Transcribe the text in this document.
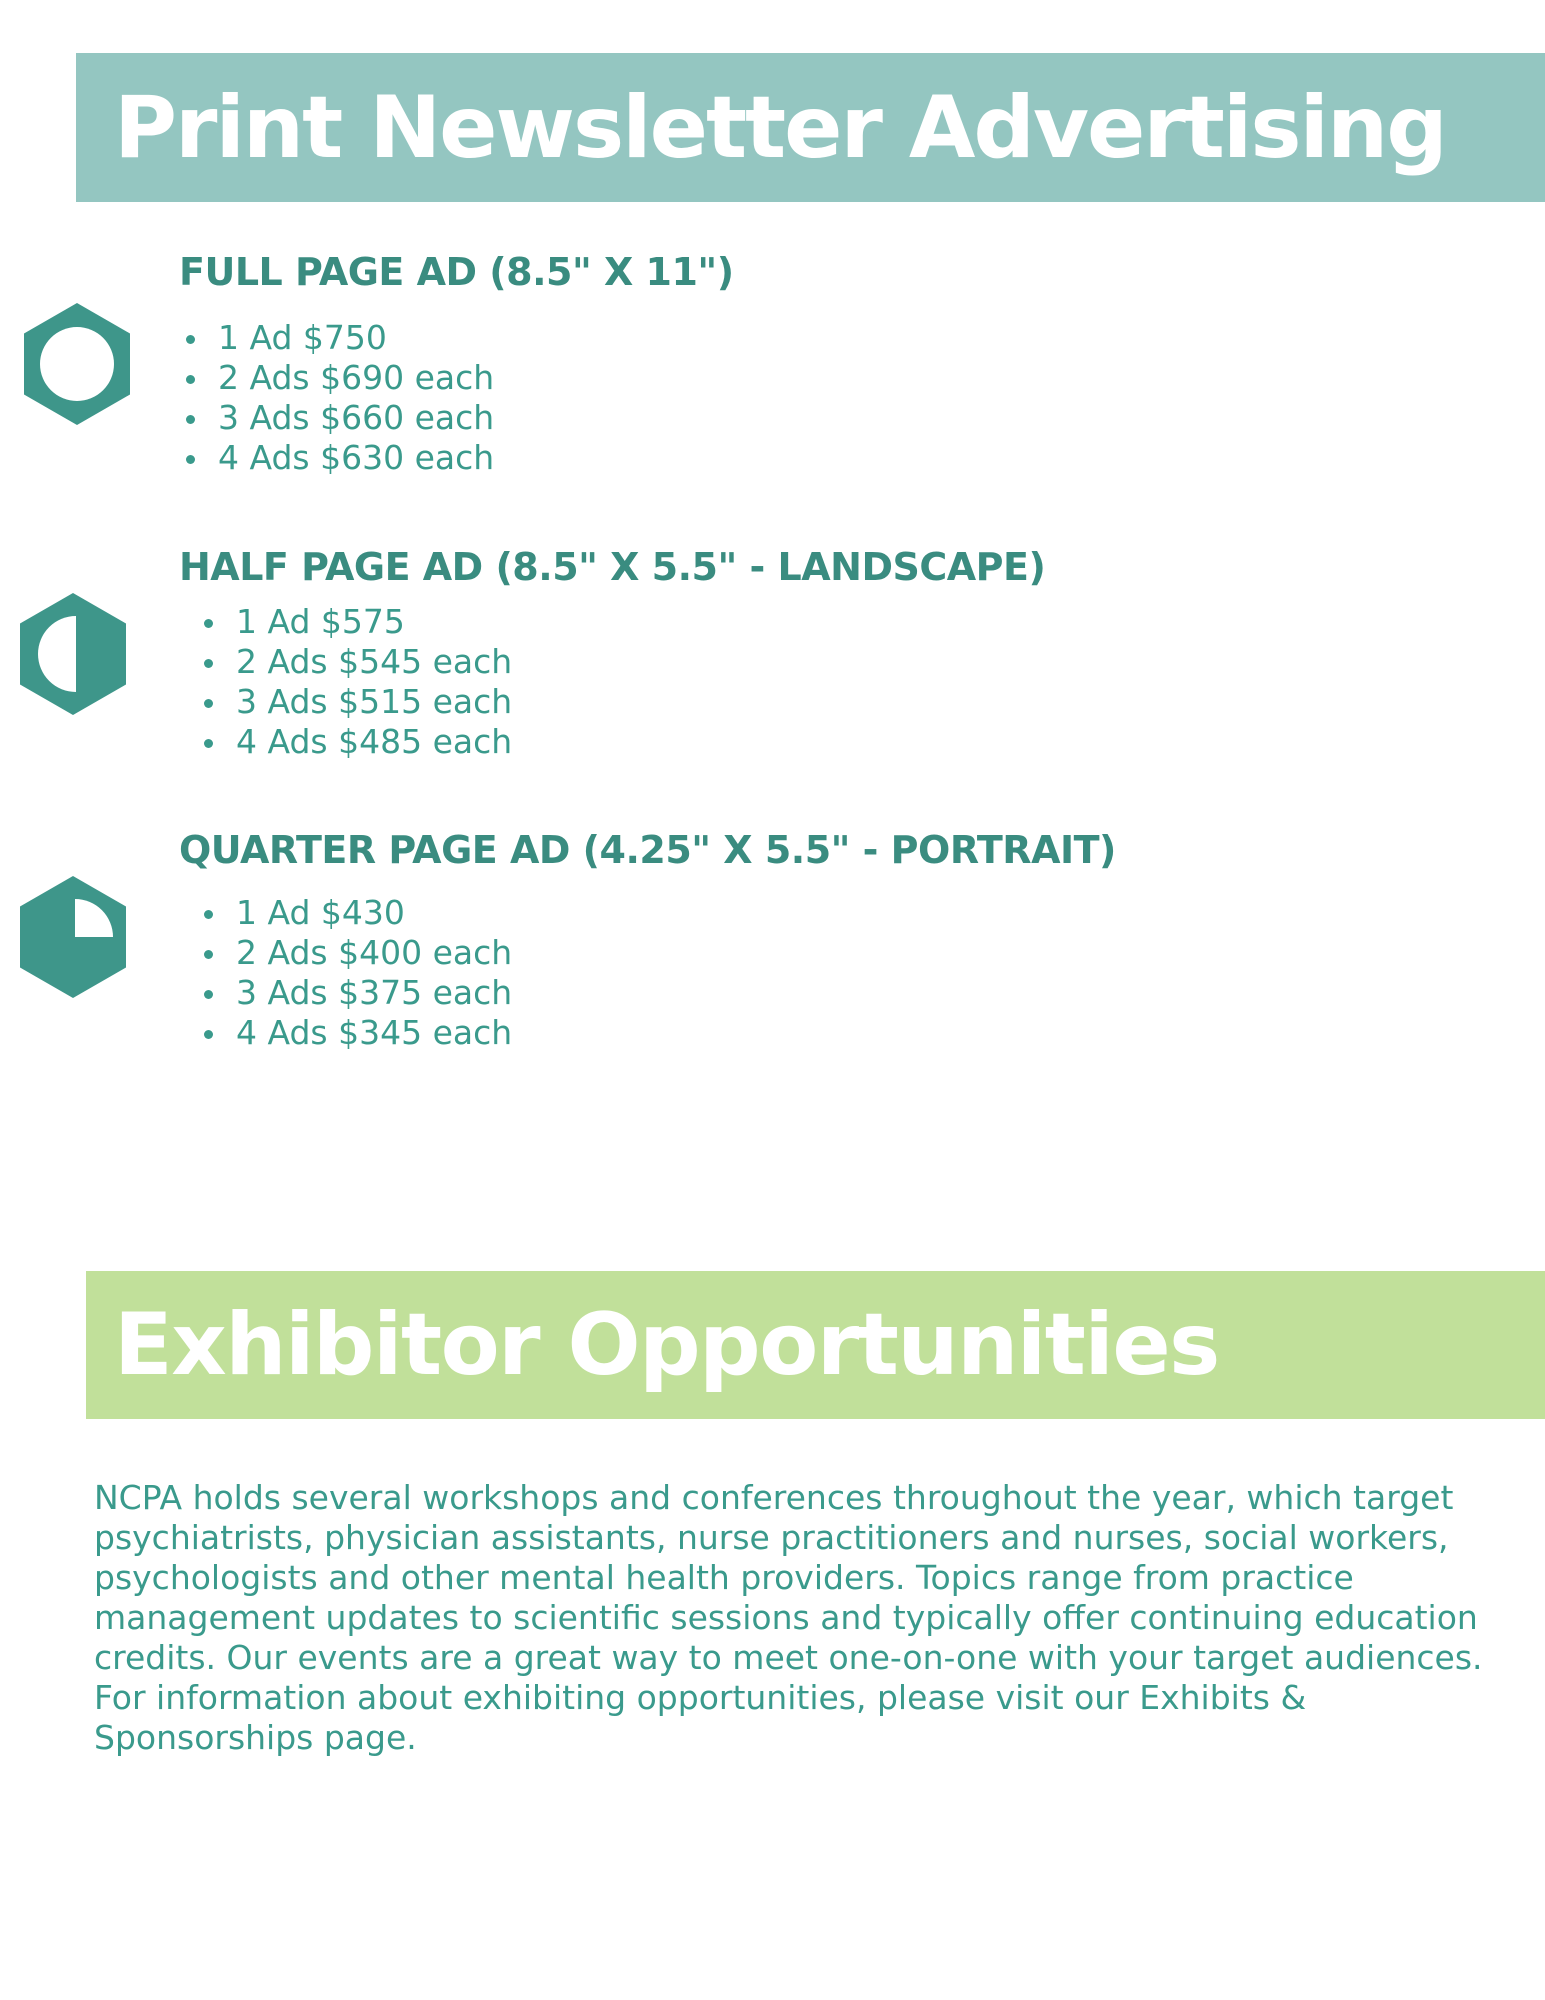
Print Newsletter Advertising
FULL PAGE AD (8.5" X 11")
1 Ad $750
2 Ads $690 each
3 Ads $660 each
4 Ads $630 each
HALF PAGE AD (8.5" X 5.5" - LANDSCAPE)
1 Ad $575
2 Ads $545 each
3 Ads $515 each
4 Ads $485 each
QUARTER PAGE AD (4.25" X 5.5" - PORTRAIT)
1 Ad $430
2 Ads $400 each
3 Ads $375 each
4 Ads $345 each
Exhibitor Opportunities

NCPA holds several workshops and conferences throughout the year, which target psychiatrists, physician assistants, nurse practitioners and nurses, social workers, psychologists and other mental health providers. Topics range from practice management updates to scientific sessions and typically offer continuing education credits. Our events are a great way to meet one-on-one with your target audiences. For information about exhibiting opportunities, please visit our Exhibits & Sponsorships page.
